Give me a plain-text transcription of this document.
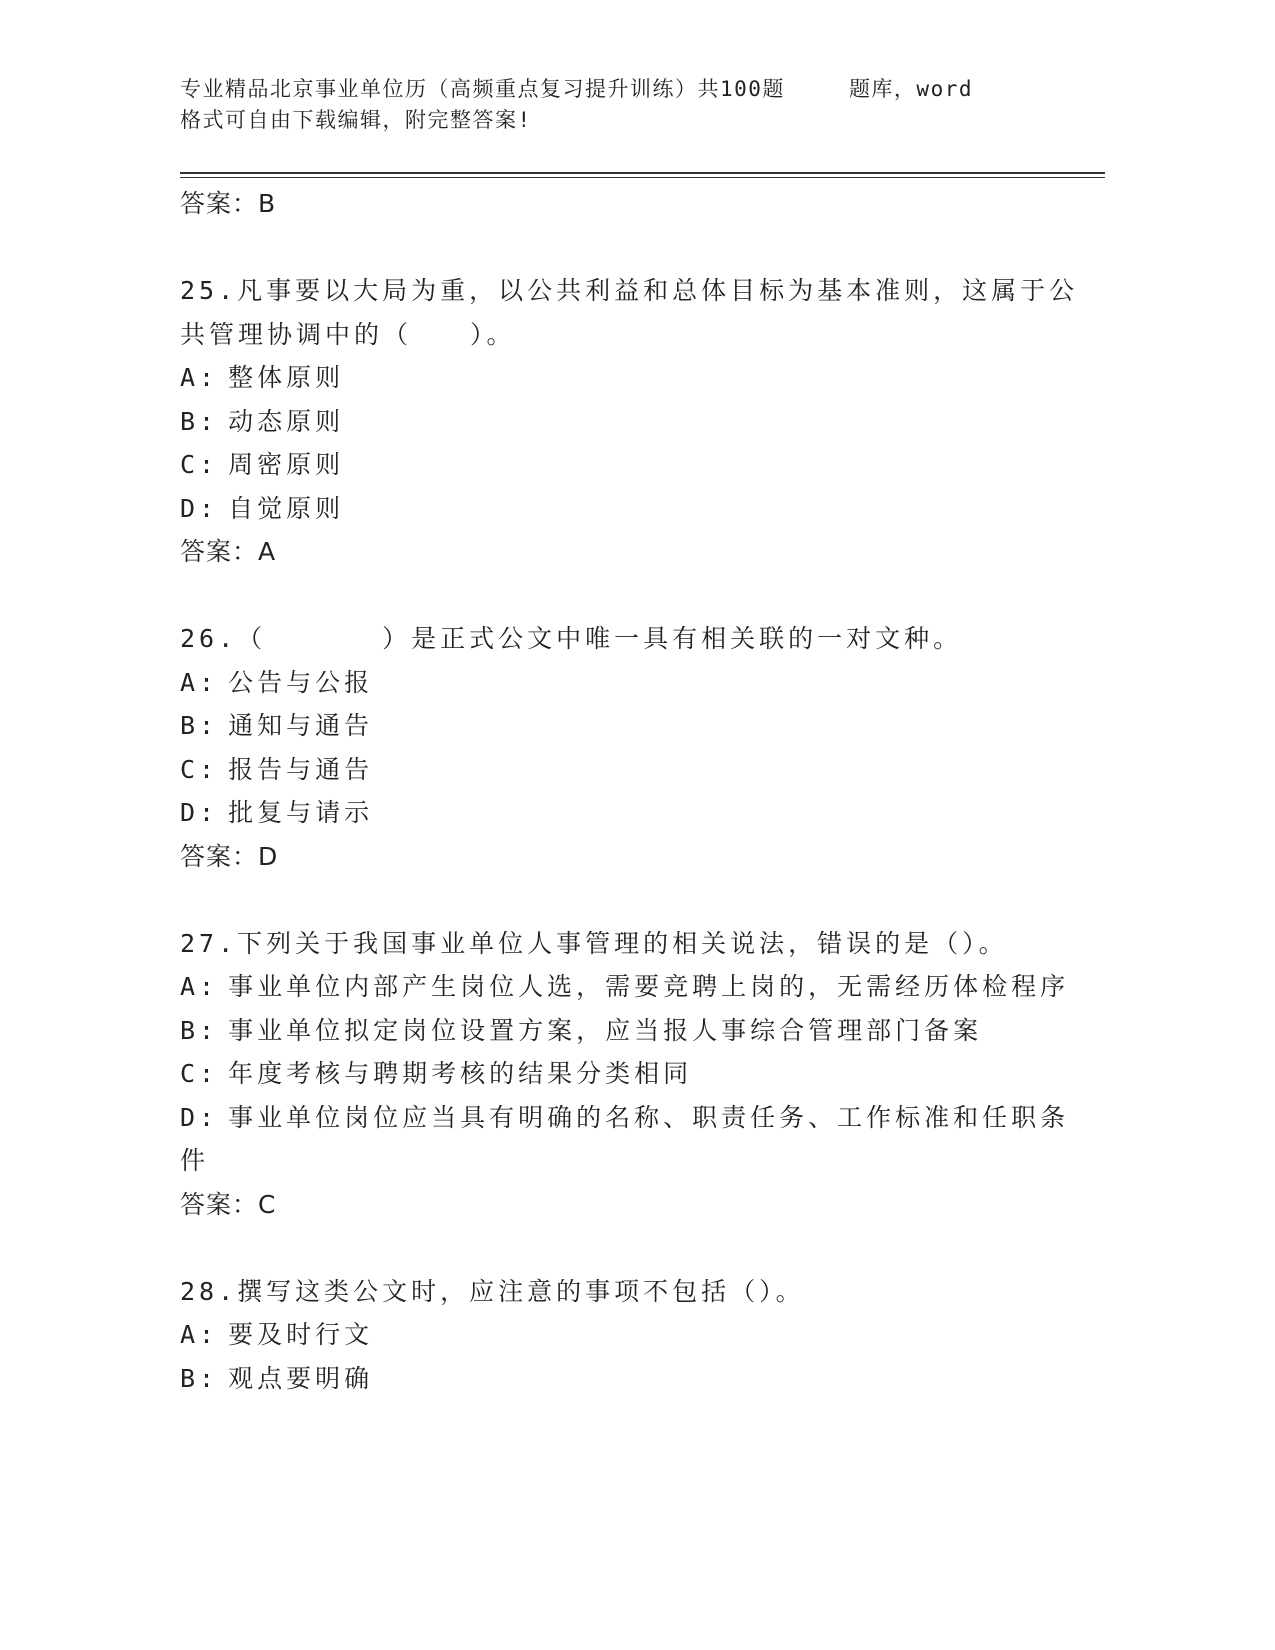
专业精品北京事业单位历（高频重点复习提升训练）共100题	题库，word
格式可自由下载编辑，附完整答案!
答案：B
25.凡事要以大局为重，以公共利益和总体目标为基本准则，这属于公
共管理协调中的（　　）。
A: 整体原则
B: 动态原则
C: 周密原则
D: 自觉原则
答案：A
26.（　　　　）是正式公文中唯一具有相关联的一对文种。
A: 公告与公报
B: 通知与通告
C: 报告与通告
D: 批复与请示
答案：D
27.下列关于我国事业单位人事管理的相关说法，错误的是（）。
A: 事业单位内部产生岗位人选，需要竞聘上岗的，无需经历体检程序
B: 事业单位拟定岗位设置方案，应当报人事综合管理部门备案
C: 年度考核与聘期考核的结果分类相同
D: 事业单位岗位应当具有明确的名称、职责任务、工作标准和任职条
件
答案：C
28.撰写这类公文时，应注意的事项不包括（）。
A: 要及时行文
B: 观点要明确
